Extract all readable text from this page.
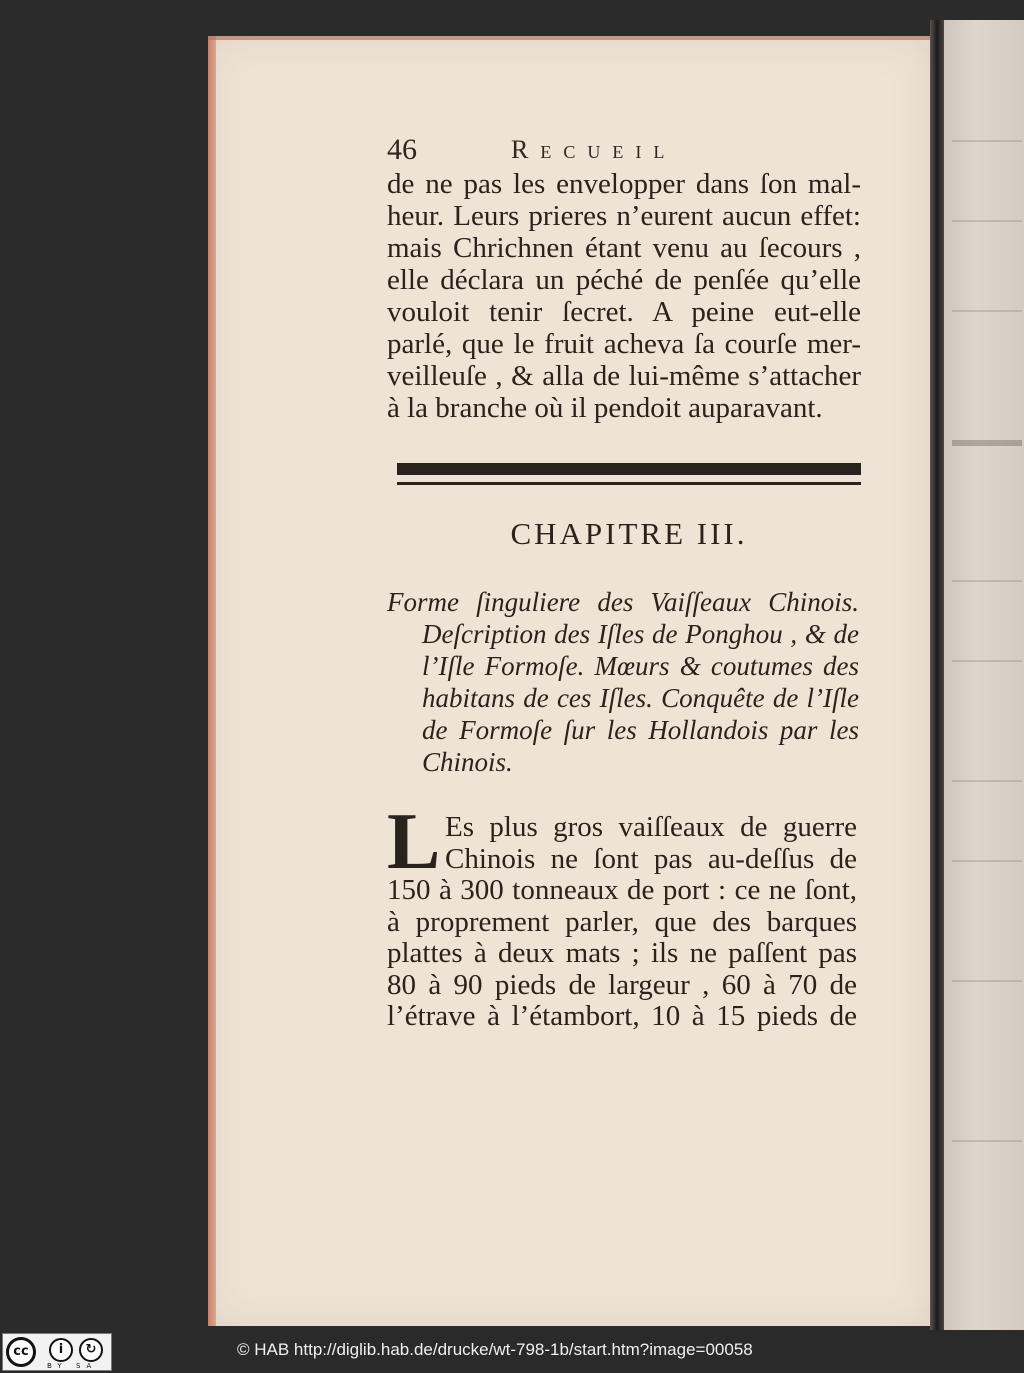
46	Recueil
de ne pas les envelopper dans ſon mal-
heur. Leurs prieres n’eurent aucun effet:
mais Chrichnen étant venu au ſecours ,
elle déclara un péché de penſée qu’elle
vouloit tenir ſecret. A peine eut-elle
parlé, que le fruit acheva ſa courſe mer-
veilleuſe , & alla de lui-même s’attacher
à la branche où il pendoit auparavant.
CHAPITRE III.
Forme ſinguliere des Vaiſſeaux Chinois.
Deſcription des Iſles de Ponghou , & de
l’Iſle Formoſe. Mœurs & coutumes des
habitans de ces Iſles. Conquête de l’Iſle
de Formoſe ſur les Hollandois par les
Chinois.
L Es plus gros vaiſſeaux de guerre
Chinois ne ſont pas au-deſſus de
150 à 300 tonneaux de port : ce ne ſont,
à proprement parler, que des barques
plattes à deux mats ; ils ne paſſent pas
80 à 90 pieds de largeur , 60 à 70 de
l’étrave à l’étambort, 10 à 15 pieds de
cc	i	↻
BY SA
© HAB http://diglib.hab.de/drucke/wt-798-1b/start.htm?image=00058
